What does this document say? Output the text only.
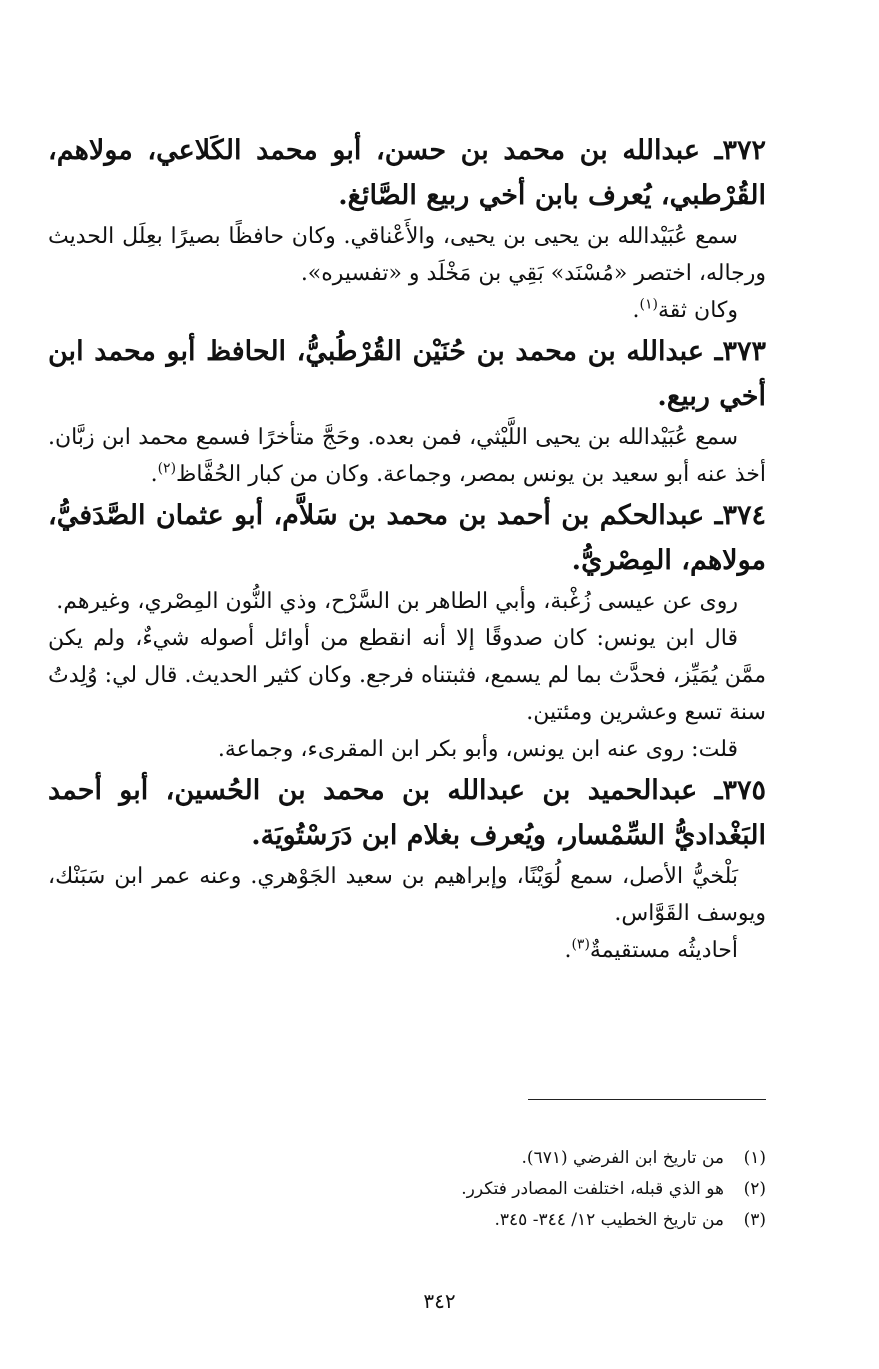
٣٧٢ـ عبدالله بن محمد بن حسن، أبو محمد الكَلاعي، مولاهم، القُرْطبي، يُعرف بابن أخي ربيع الصَّائغ.

سمع عُبَيْدالله بن يحيى بن يحيى، والأَعْناقي. وكان حافظًا بصيرًا بعِلَل الحديث ورجاله، اختصر «مُسْنَد» بَقِي بن مَخْلَد و «تفسيره».

وكان ثقة$^{(١)}$.

٣٧٣ـ عبدالله بن محمد بن حُنَيْن القُرْطُبيُّ، الحافظ أبو محمد ابن أخي ربيع.

سمع عُبَيْدالله بن يحيى اللَّيْثي، فمن بعده. وحَجَّ متأخرًا فسمع محمد ابن زبَّان. أخذ عنه أبو سعيد بن يونس بمصر، وجماعة. وكان من كبار الحُفَّاظ$^{(٢)}$.

٣٧٤ـ عبدالحكم بن أحمد بن محمد بن سَلاَّم، أبو عثمان الصَّدَفيُّ، مولاهم، المِصْريُّ.

روى عن عيسى زُغْبة، وأبي الطاهر بن السَّرْح، وذي النُّون المِصْري، وغيرهم.

قال ابن يونس: كان صدوقًا إلا أنه انقطع من أوائل أصوله شيءٌ، ولم يكن ممَّن يُمَيِّز، فحدَّث بما لم يسمع، فثبتناه فرجع. وكان كثير الحديث. قال لي: وُلِدتُ سنة تسع وعشرين ومئتين.

قلت: روى عنه ابن يونس، وأبو بكر ابن المقرىء، وجماعة.

٣٧٥ـ عبدالحميد بن عبدالله بن محمد بن الحُسين، أبو أحمد البَغْداديُّ السِّمْسار، ويُعرف بغلام ابن دَرَسْتُويَة.

بَلْخيُّ الأصل، سمع لُوَيْنًا، وإبراهيم بن سعيد الجَوْهري. وعنه عمر ابن سَبَنْك، ويوسف القَوَّاس.

أحاديثُه مستقيمةٌ$^{(٣)}$.

(١)
من تاريخ ابن الفرضي (٦٧١).

(٢)
هو الذي قبله، اختلفت المصادر فتكرر.

(٣)
من تاريخ الخطيب ١٢/ ٣٤٤- ٣٤٥.

٣٤٢
